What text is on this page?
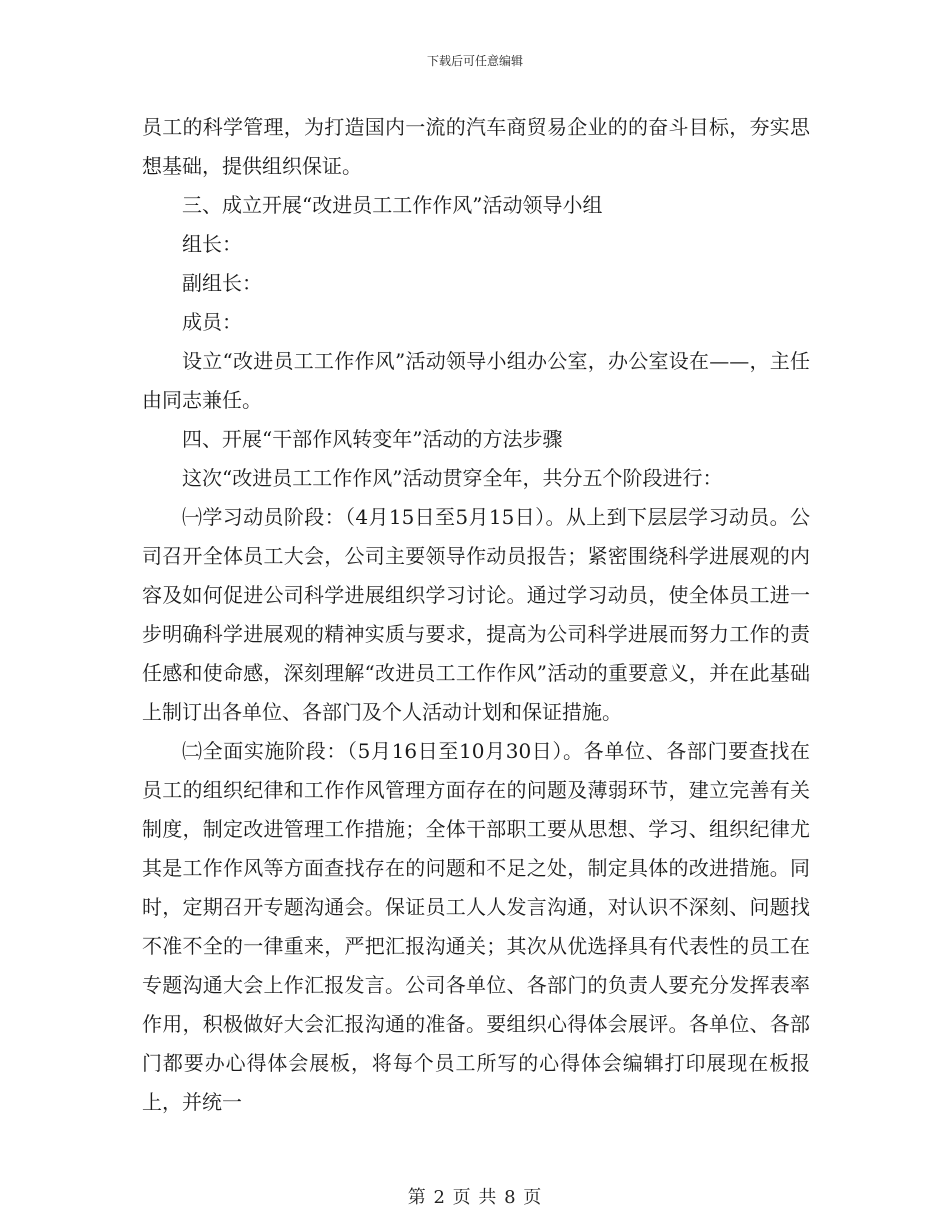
下载后可任意编辑

员工的科学管理，为打造国内一流的汽车商贸易企业的的奋斗目标，夯实思想基础，提供组织保证。

三、成立开展“改进员工工作作风”活动领导小组

组长：

副组长：

成员：

设立“改进员工工作作风”活动领导小组办公室，办公室设在——，主任由同志兼任。

四、开展“干部作风转变年”活动的方法步骤

这次“改进员工工作作风”活动贯穿全年，共分五个阶段进行：

㈠学习动员阶段：（4月15日至5月15日）。从上到下层层学习动员。公司召开全体员工大会，公司主要领导作动员报告；紧密围绕科学进展观的内容及如何促进公司科学进展组织学习讨论。通过学习动员，使全体员工进一步明确科学进展观的精神实质与要求，提高为公司科学进展而努力工作的责任感和使命感，深刻理解“改进员工工作作风”活动的重要意义，并在此基础上制订出各单位、各部门及个人活动计划和保证措施。

㈡全面实施阶段：（5月16日至10月30日）。各单位、各部门要查找在员工的组织纪律和工作作风管理方面存在的问题及薄弱环节，建立完善有关制度，制定改进管理工作措施；全体干部职工要从思想、学习、组织纪律尤其是工作作风等方面查找存在的问题和不足之处，制定具体的改进措施。同时，定期召开专题沟通会。保证员工人人发言沟通，对认识不深刻、问题找不准不全的一律重来，严把汇报沟通关；其次从优选择具有代表性的员工在专题沟通大会上作汇报发言。公司各单位、各部门的负责人要充分发挥表率作用，积极做好大会汇报沟通的准备。要组织心得体会展评。各单位、各部门都要办心得体会展板，将每个员工所写的心得体会编辑打印展现在板报上，并统一

第 2 页 共 8 页
